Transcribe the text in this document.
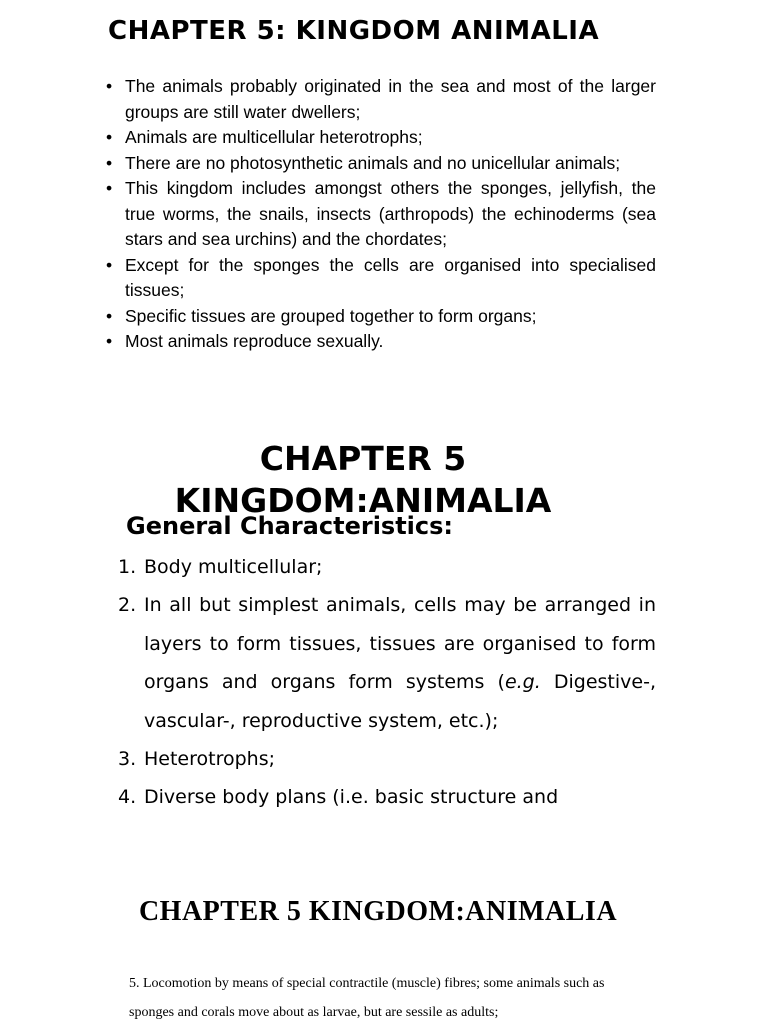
CHAPTER 5: KINGDOM ANIMALIA
• The animals probably originated in the sea and most of the larger groups are still water dwellers;
• Animals are multicellular heterotrophs;
• There are no photosynthetic animals and no unicellular animals;
• This kingdom includes amongst others the sponges, jellyfish, the true worms, the snails, insects (arthropods) the echinoderms (sea stars and sea urchins) and the chordates;
• Except for the sponges the cells are organised into specialised tissues;
• Specific tissues are grouped together to form organs;
• Most animals reproduce sexually.
CHAPTER 5
KINGDOM:ANIMALIA
General Characteristics:
1. Body multicellular;
2. In all but simplest animals, cells may be arranged in layers to form tissues, tissues are organised to form organs and organs form systems (e.g. Digestive-, vascular-, reproductive system, etc.);
3. Heterotrophs;
4. Diverse body plans (i.e. basic structure and
CHAPTER 5 KINGDOM:ANIMALIA

5. Locomotion by means of special contractile (muscle) fibres; some animals such as sponges and corals move about as larvae, but are sessile as adults;
